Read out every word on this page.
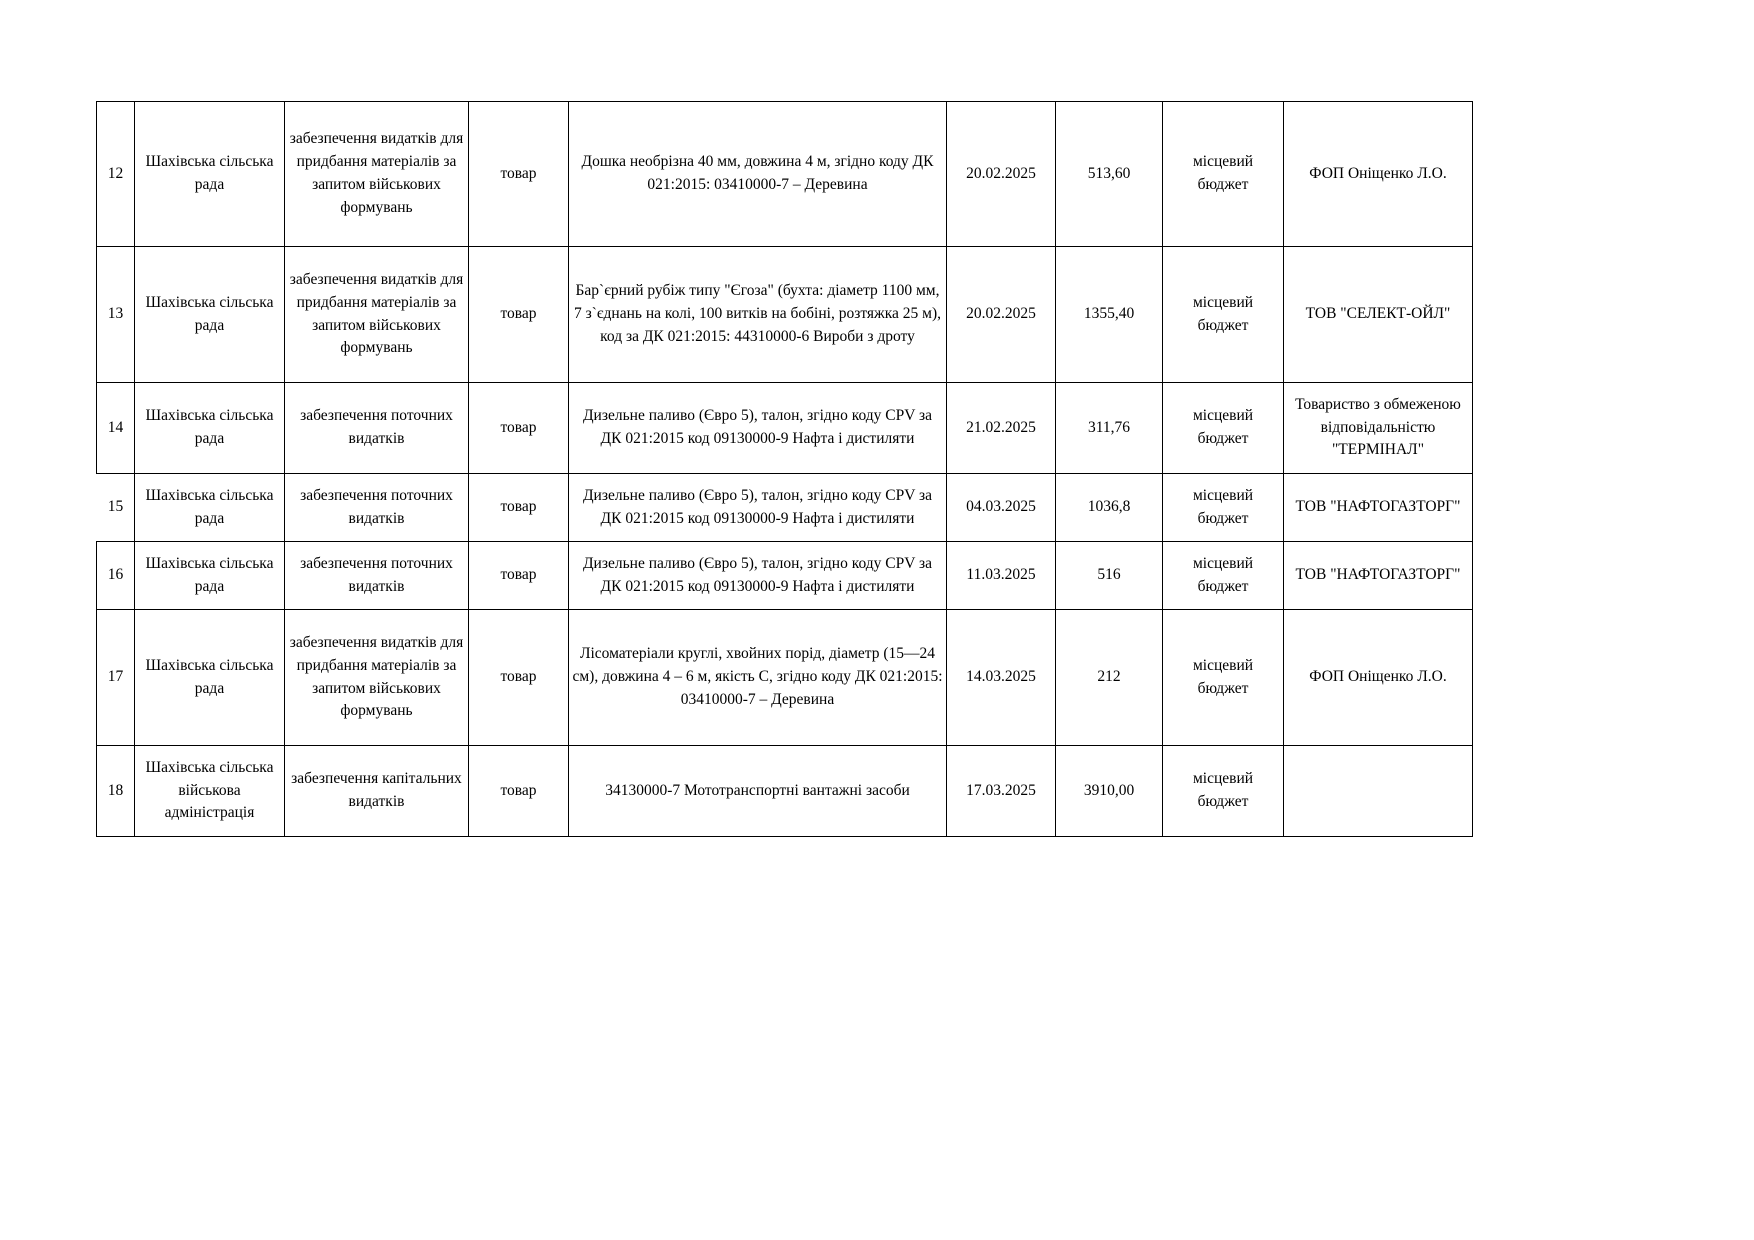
12	Шахівська сільська рада	забезпечення видатків для придбання матеріалів за запитом військових формувань	товар	Дошка необрізна 40 мм, довжина 4 м, згідно коду ДК 021:2015: 03410000-7 – Деревина	20.02.2025	513,60	місцевий бюджет	ФОП Оніщенко Л.О.
13	Шахівська сільська рада	забезпечення видатків для придбання матеріалів за запитом військових формувань	товар	Бар`єрний рубіж типу "Єгоза" (бухта: діаметр 1100 мм, 7 з`єднань на колі, 100 витків на бобіні, розтяжка 25 м), код за ДК 021:2015: 44310000-6 Вироби з дроту	20.02.2025	1355,40	місцевий бюджет	ТОВ "СЕЛЕКТ-ОЙЛ"
14	Шахівська сільська рада	забезпечення поточних видатків	товар	Дизельне паливо (Євро 5), талон, згідно коду CPV за ДК 021:2015 код 09130000-9 Нафта і дистиляти	21.02.2025	311,76	місцевий бюджет	Товариство з обмеженою відповідальністю "ТЕРМІНАЛ"
15	Шахівська сільська рада	забезпечення поточних видатків	товар	Дизельне паливо (Євро 5), талон, згідно коду CPV за ДК 021:2015 код 09130000-9 Нафта і дистиляти	04.03.2025	1036,8	місцевий бюджет	ТОВ "НАФТОГАЗТОРГ"
16	Шахівська сільська рада	забезпечення поточних видатків	товар	Дизельне паливо (Євро 5), талон, згідно коду CPV за ДК 021:2015 код 09130000-9 Нафта і дистиляти	11.03.2025	516	місцевий бюджет	ТОВ "НАФТОГАЗТОРГ"
17	Шахівська сільська рада	забезпечення видатків для придбання матеріалів за запитом військових формувань	товар	Лісоматеріали круглі, хвойних порід, діаметр (15—24 см), довжина 4 – 6 м, якість С, згідно коду ДК 021:2015: 03410000-7 – Деревина	14.03.2025	212	місцевий бюджет	ФОП Оніщенко Л.О.
18	Шахівська сільська військова адміністрація	забезпечення капітальних видатків	товар	34130000-7 Мототранспортні вантажні засоби	17.03.2025	3910,00	місцевий бюджет	
